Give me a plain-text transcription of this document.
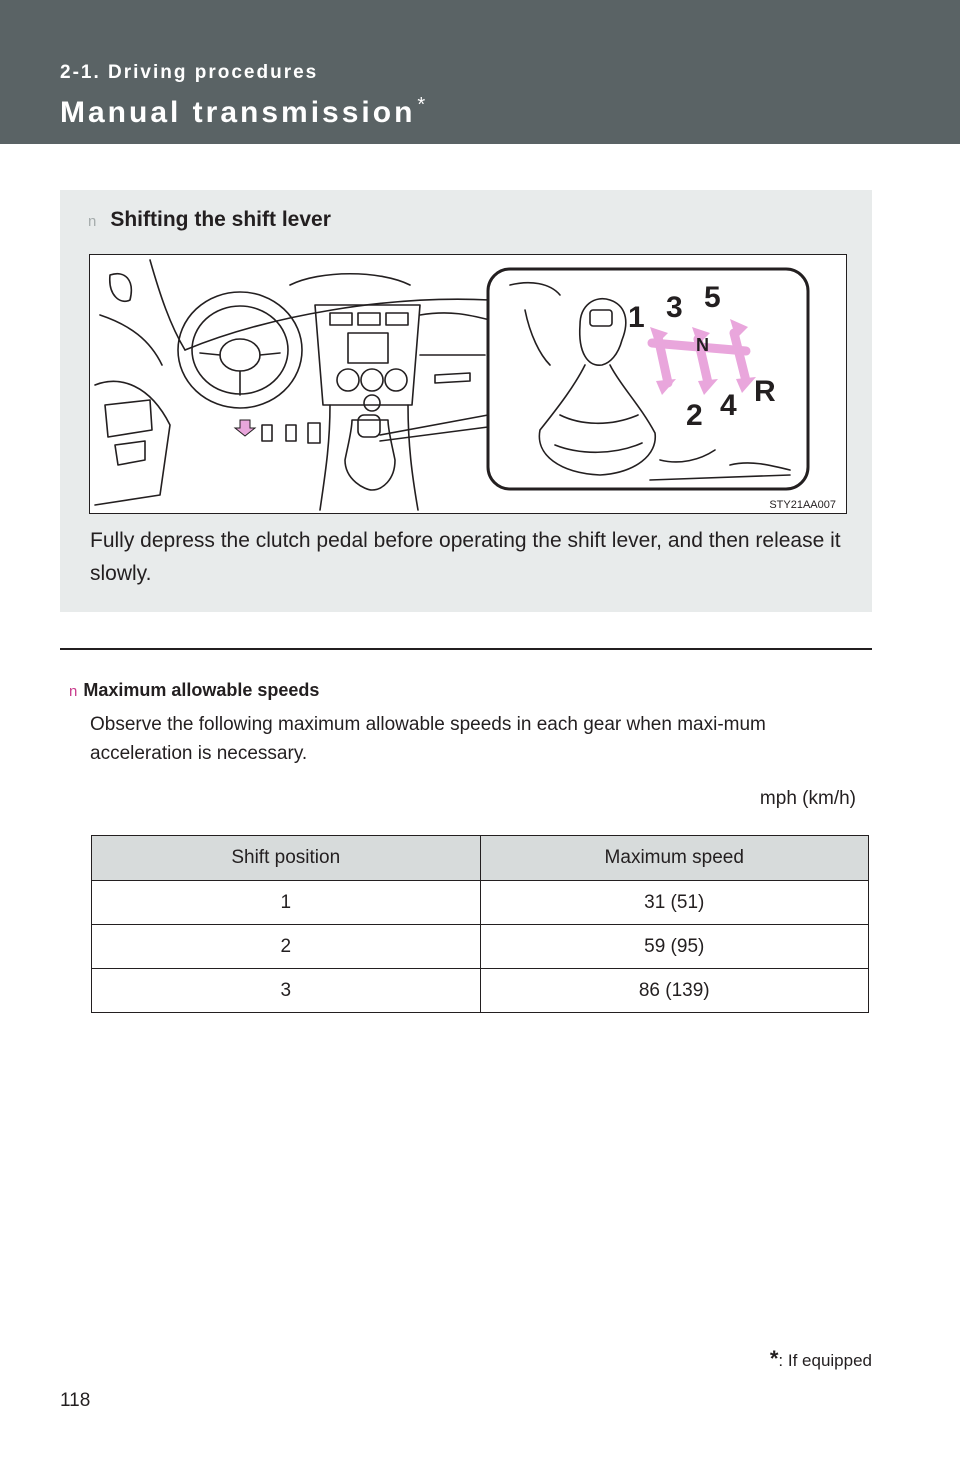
2-1. Driving procedures
Manual transmission *
n Shifting the shift lever
1 3 5
N
2 4 R
STY21AA007
Fully depress the clutch pedal before operating the shift lever, and then release it slowly.
n Maximum allowable speeds
Observe the following maximum allowable speeds in each gear when maxi-mum acceleration is necessary.
mph (km/h)
Shift position	Maximum speed
1	31 (51)
2	59 (95)
3	86 (139)
*: If equipped
118
